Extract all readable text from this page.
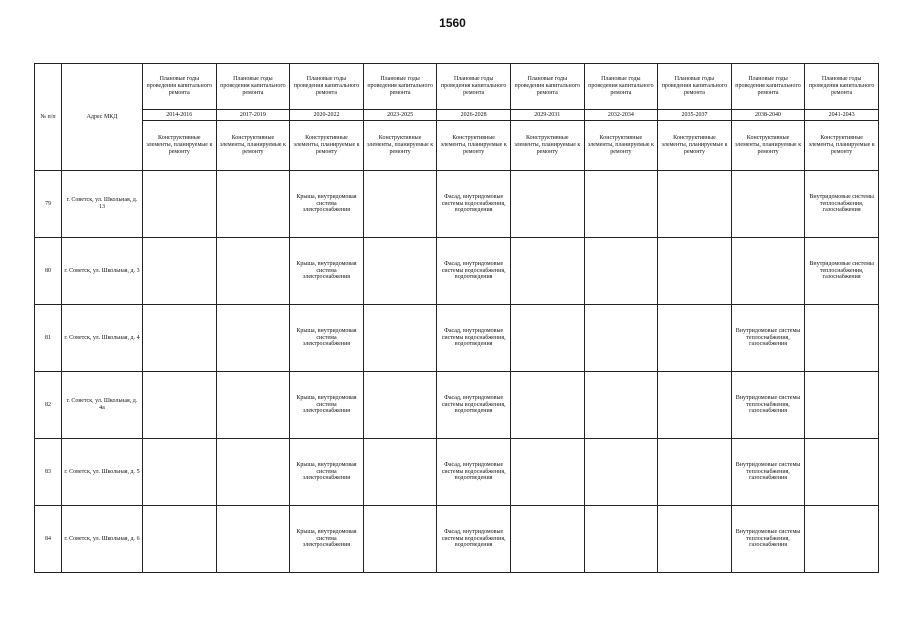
1560
№ п/п	Адрес МКД	Плановые годы проведения капитального ремонта	Плановые годы проведения капитального ремонта	Плановые годы проведения капитального ремонта	Плановые годы проведения капитального ремонта	Плановые годы проведения капитального ремонта	Плановые годы проведения капитального ремонта	Плановые годы проведения капитального ремонта	Плановые годы проведения капитального ремонта	Плановые годы проведения капитального ремонта	Плановые годы проведения капитального ремонта
		2014-2016	2017-2019	2020-2022	2023-2025	2026-2028	2029-2031	2032-2034	2035-2037	2038-2040	2041-2043
		Конструктивные элементы, планируемые к ремонту	Конструктивные элементы, планируемые к ремонту	Конструктивные элементы, планируемые к ремонту	Конструктивные элементы, планируемые к ремонту	Конструктивные элементы, планируемые к ремонту	Конструктивные элементы, планируемые к ремонту	Конструктивные элементы, планируемые к ремонту	Конструктивные элементы, планируемые к ремонту	Конструктивные элементы, планируемые к ремонту	Конструктивные элементы, планируемые к ремонту
79	г. Советск, ул. Школьная, д. 13			Крыша, внутридомовая система электроснабжения		Фасад, внутридомовые системы водоснабжения, водоотведения					Внутридомовые системы теплоснабжения, газоснабжения
80	г. Советск, ул. Школьная, д. 3			Крыша, внутридомовая система электроснабжения		Фасад, внутридомовые системы водоснабжения, водоотведения					Внутридомовые системы теплоснабжения, газоснабжения
81	г. Советск, ул. Школьная, д. 4			Крыша, внутридомовая система электроснабжения		Фасад, внутридомовые системы водоснабжения, водоотведения				Внутридомовые системы теплоснабжения, газоснабжения	
82	г. Советск, ул. Школьная, д. 4а			Крыша, внутридомовая система электроснабжения		Фасад, внутридомовые системы водоснабжения, водоотведения				Внутридомовые системы теплоснабжения, газоснабжения	
83	г. Советск, ул. Школьная, д. 5			Крыша, внутридомовая система электроснабжения		Фасад, внутридомовые системы водоснабжения, водоотведения				Внутридомовые системы теплоснабжения, газоснабжения	
84	г. Советск, ул. Школьная, д. 6			Крыша, внутридомовая система электроснабжения		Фасад, внутридомовые системы водоснабжения, водоотведения				Внутридомовые системы теплоснабжения, газоснабжения	
